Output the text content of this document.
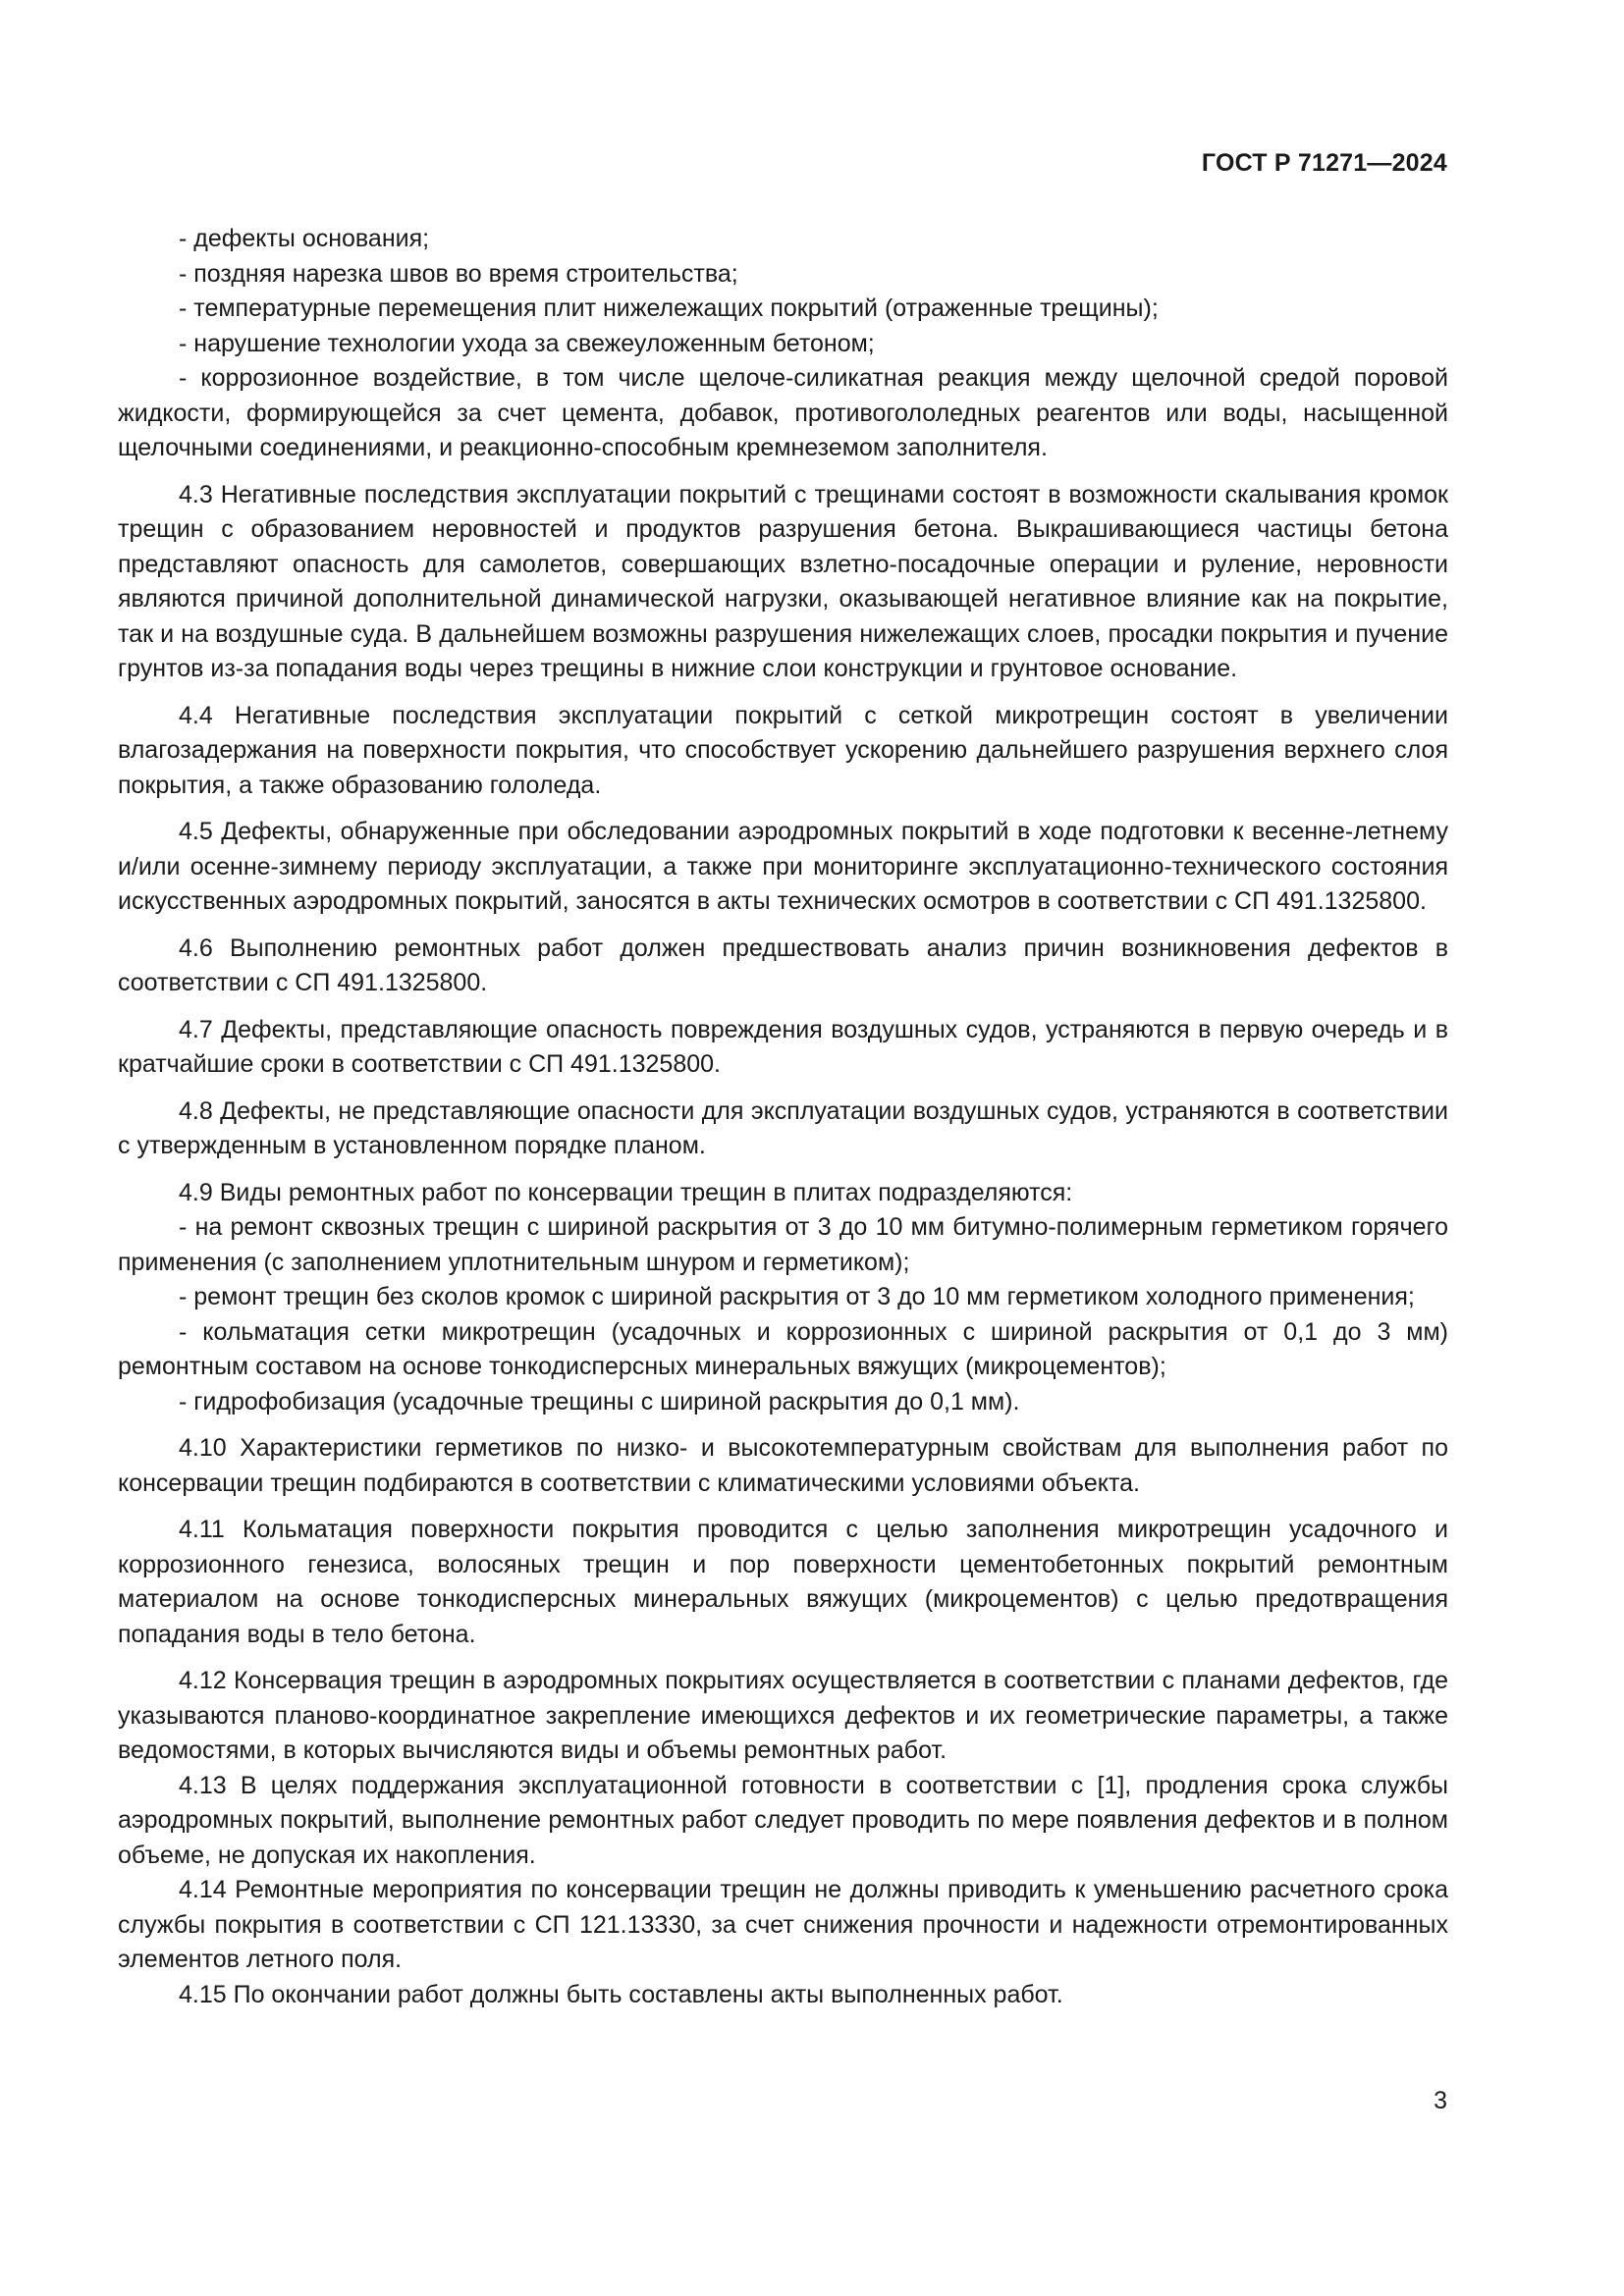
ГОСТ Р 71271—2024

- дефекты основания;

- поздняя нарезка швов во время строительства;

- температурные перемещения плит нижележащих покрытий (отраженные трещины);

- нарушение технологии ухода за свежеуложенным бетоном;

- коррозионное воздействие, в том числе щелоче-силикатная реакция между щелочной средой поровой жидкости, формирующейся за счет цемента, добавок, противогололедных реагентов или воды, насыщенной щелочными соединениями, и реакционно-способным кремнеземом заполнителя.

4.3 Негативные последствия эксплуатации покрытий с трещинами состоят в возможности скалывания кромок трещин с образованием неровностей и продуктов разрушения бетона. Выкрашивающиеся частицы бетона представляют опасность для самолетов, совершающих взлетно-посадочные операции и руление, неровности являются причиной дополнительной динамической нагрузки, оказывающей негативное влияние как на покрытие, так и на воздушные суда. В дальнейшем возможны разрушения нижележащих слоев, просадки покрытия и пучение грунтов из-за попадания воды через трещины в нижние слои конструкции и грунтовое основание.

4.4 Негативные последствия эксплуатации покрытий с сеткой микротрещин состоят в увеличении влагозадержания на поверхности покрытия, что способствует ускорению дальнейшего разрушения верхнего слоя покрытия, а также образованию гололеда.

4.5 Дефекты, обнаруженные при обследовании аэродромных покрытий в ходе подготовки к весенне-летнему и/или осенне-зимнему периоду эксплуатации, а также при мониторинге эксплуатационно-технического состояния искусственных аэродромных покрытий, заносятся в акты технических осмотров в соответствии с СП 491.1325800.

4.6 Выполнению ремонтных работ должен предшествовать анализ причин возникновения дефектов в соответствии с СП 491.1325800.

4.7 Дефекты, представляющие опасность повреждения воздушных судов, устраняются в первую очередь и в кратчайшие сроки в соответствии с СП 491.1325800.

4.8 Дефекты, не представляющие опасности для эксплуатации воздушных судов, устраняются в соответствии с утвержденным в установленном порядке планом.

4.9 Виды ремонтных работ по консервации трещин в плитах подразделяются:

- на ремонт сквозных трещин с шириной раскрытия от 3 до 10 мм битумно-полимерным герметиком горячего применения (с заполнением уплотнительным шнуром и герметиком);

- ремонт трещин без сколов кромок с шириной раскрытия от 3 до 10 мм герметиком холодного применения;

- кольматация сетки микротрещин (усадочных и коррозионных с шириной раскрытия от 0,1 до 3 мм) ремонтным составом на основе тонкодисперсных минеральных вяжущих (микроцементов);

- гидрофобизация (усадочные трещины с шириной раскрытия до 0,1 мм).

4.10 Характеристики герметиков по низко- и высокотемпературным свойствам для выполнения работ по консервации трещин подбираются в соответствии с климатическими условиями объекта.

4.11 Кольматация поверхности покрытия проводится с целью заполнения микротрещин усадочного и коррозионного генезиса, волосяных трещин и пор поверхности цементобетонных покрытий ремонтным материалом на основе тонкодисперсных минеральных вяжущих (микроцементов) с целью предотвращения попадания воды в тело бетона.

4.12 Консервация трещин в аэродромных покрытиях осуществляется в соответствии с планами дефектов, где указываются планово-координатное закрепление имеющихся дефектов и их геометрические параметры, а также ведомостями, в которых вычисляются виды и объемы ремонтных работ.

4.13 В целях поддержания эксплуатационной готовности в соответствии с [1], продления срока службы аэродромных покрытий, выполнение ремонтных работ следует проводить по мере появления дефектов и в полном объеме, не допуская их накопления.

4.14 Ремонтные мероприятия по консервации трещин не должны приводить к уменьшению расчетного срока службы покрытия в соответствии с СП 121.13330, за счет снижения прочности и надежности отремонтированных элементов летного поля.

4.15 По окончании работ должны быть составлены акты выполненных работ.

3
